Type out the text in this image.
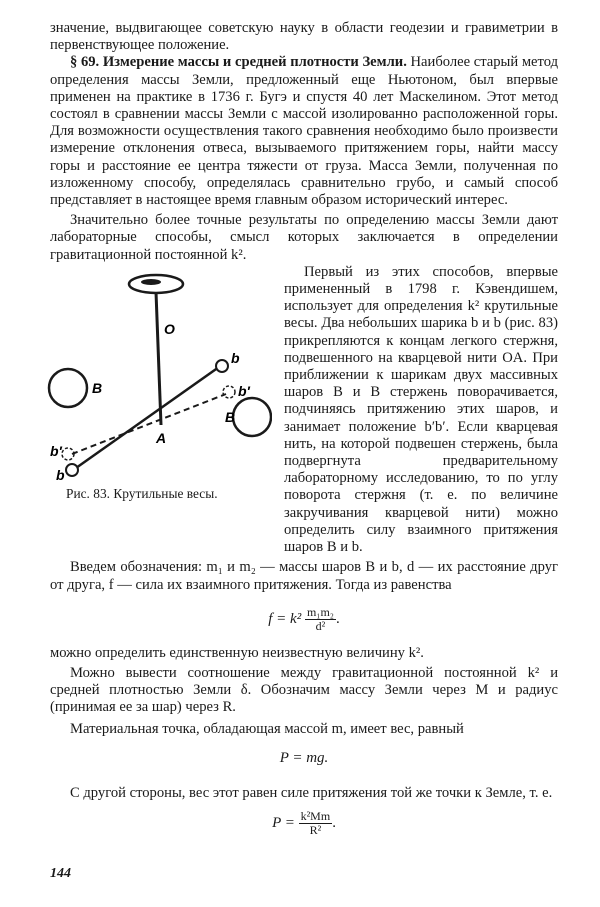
значение, выдвигающее советскую науку в области геодезии и гравиметрии в первенствующее положение.

§ 69. Измерение массы и средней плотности Земли. Наиболее старый метод определения массы Земли, предложенный еще Ньютоном, был впервые применен на практике в 1736 г. Бугэ и спустя 40 лет Маскелином. Этот метод состоял в сравнении массы Земли с массой изолированно расположенной горы. Для возможности осуществления такого сравнения необходимо было произвести измерение отклонения отвеса, вызываемого притяжением горы, найти массу горы и расстояние ее центра тяжести от груза. Масса Земли, полученная по изложенному способу, определялась сравнительно грубо, и самый способ представляет в настоящее время главным образом исторический интерес.

Значительно более точные результаты по определению массы Земли дают лабораторные способы, смысл которых заключается в определении гравитационной постоянной k².

O
A
B
B
b
b
b′
b′
Рис. 83. Крутильные весы.

Первый из этих способов, впервые примененный в 1798 г. Кэвендишем, использует для определения k² крутильные весы. Два небольших шарика b и b (рис. 83) прикрепляются к концам легкого стержня, подвешенного на кварцевой нити OA. При приближении к шарикам двух массивных шаров B и B стержень поворачивается, подчиняясь притяжению этих шаров, и занимает положение b′b′. Если кварцевая нить, на которой подвешен стержень, была подвергнута предварительному лабораторному исследованию, то по углу поворота стержня (т. е. по величине закручивания кварцевой нити) можно определить силу взаимного притяжения шаров B и b.

Введем обозначения: m₁ и m₂ — массы шаров B и b, d — их расстояние друг от друга, f — сила их взаимного притяжения. Тогда из равенства

$f = k^2 \frac{\text{m₁m₂}}{\text{d²}}$ .

можно определить единственную неизвестную величину k².

Можно вывести соотношение между гравитационной постоянной k² и средней плотностью Земли δ. Обозначим массу Земли через M и радиус (принимая ее за шар) через R.

Материальная точка, обладающая массой m, имеет вес, равный

P = mg.

С другой стороны, вес этот равен силе притяжения той же точки к Земле, т. е.

$P = \frac{\text{k²Mm}}{\text{R²}}$ .
144
